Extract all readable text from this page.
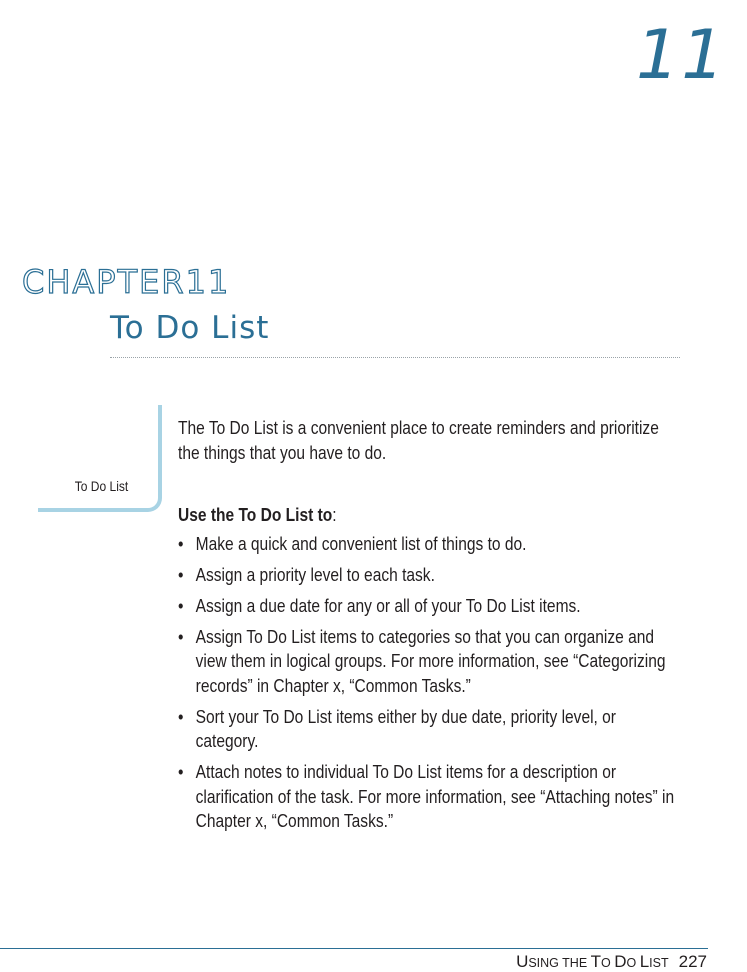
11
CHAPTER11
To Do List
To Do List

The To Do List is a convenient place to create reminders and prioritize the things that you have to do.

Use the To Do List to:

• Make a quick and convenient list of things to do.
• Assign a priority level to each task.
• Assign a due date for any or all of your To Do List items.
• Assign To Do List items to categories so that you can organize and view them in logical groups. For more information, see “Categorizing records” in Chapter x, “Common Tasks.”
• Sort your To Do List items either by due date, priority level, or category.
• Attach notes to individual To Do List items for a description or clarification of the task. For more information, see “Attaching notes” in Chapter x, “Common Tasks.”
USING THE TO DO LIST 227
